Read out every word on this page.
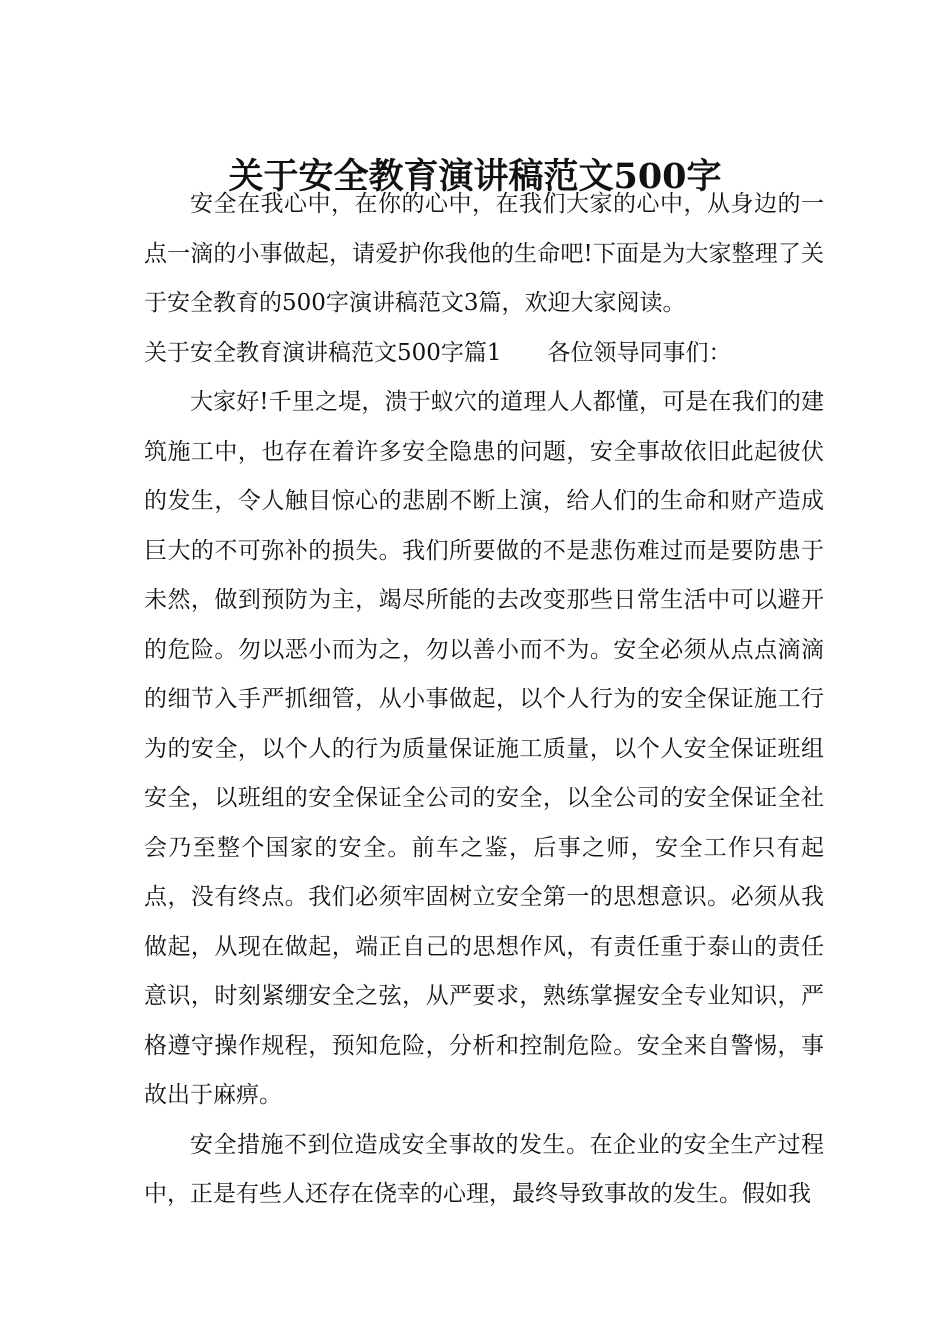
关于安全教育演讲稿范文500字

安全在我心中，在你的心中，在我们大家的心中，从身边的一点一滴的小事做起，请爱护你我他的生命吧!下面是为大家整理了关于安全教育的500字演讲稿范文3篇，欢迎大家阅读。

关于安全教育演讲稿范文500字篇1 各位领导同事们：

大家好!千里之堤，溃于蚁穴的道理人人都懂，可是在我们的建筑施工中，也存在着许多安全隐患的问题，安全事故依旧此起彼伏的发生，令人触目惊心的悲剧不断上演，给人们的生命和财产造成巨大的不可弥补的损失。我们所要做的不是悲伤难过而是要防患于未然，做到预防为主，竭尽所能的去改变那些日常生活中可以避开的危险。勿以恶小而为之，勿以善小而不为。安全必须从点点滴滴的细节入手严抓细管，从小事做起，以个人行为的安全保证施工行为的安全，以个人的行为质量保证施工质量，以个人安全保证班组安全，以班组的安全保证全公司的安全，以全公司的安全保证全社会乃至整个国家的安全。前车之鉴，后事之师，安全工作只有起点，没有终点。我们必须牢固树立安全第一的思想意识。必须从我做起，从现在做起，端正自己的思想作风，有责任重于泰山的责任意识，时刻紧绷安全之弦，从严要求，熟练掌握安全专业知识，严格遵守操作规程，预知危险，分析和控制危险。安全来自警惕，事故出于麻痹。

安全措施不到位造成安全事故的发生。在企业的安全生产过程中，正是有些人还存在侥幸的心理，最终导致事故的发生。假如我
